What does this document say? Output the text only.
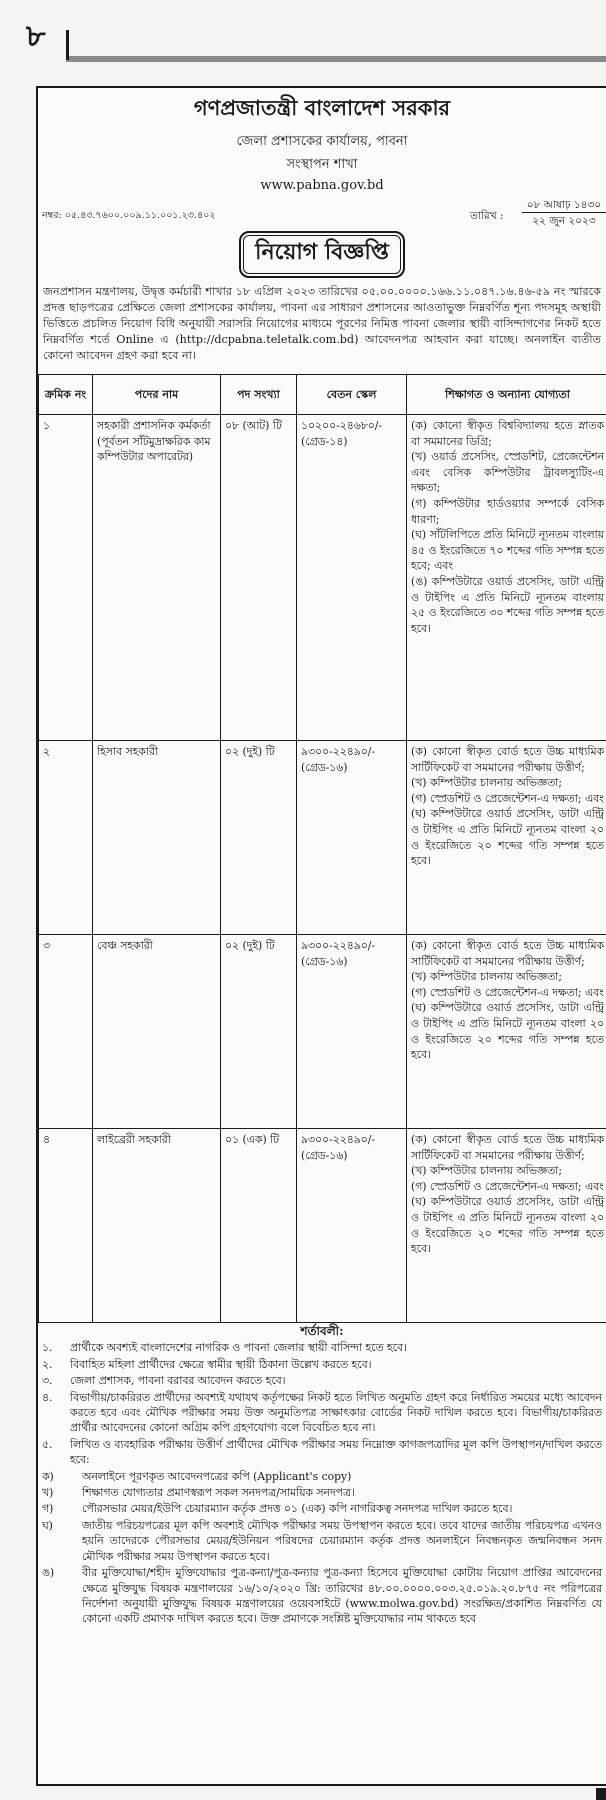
৮
গণপ্রজাতন্ত্রী বাংলাদেশ সরকার
জেলা প্রশাসকের কার্যালয়, পাবনা
সংস্থাপন শাখা
www.pabna.gov.bd
নম্বর: ০৫.৪৩.৭৬০০.০০৯.১১.০০১.২৩.৪০২	তারিখ :
০৮ আষাঢ় ১৪৩০
২২ জুন ২০২৩
নিয়োগ বিজ্ঞপ্তি

জনপ্রশাসন মন্ত্রণালয়, উদ্বৃত্ত কর্মচারী শাখার ১৮ এপ্রিল ২০২৩ তারিখের ০৫.০০.০০০০.১৬৬.১১.০৪৭.১৬.৪৬-৫৯ নং স্মারকে প্রদত্ত ছাড়পত্রের প্রেক্ষিতে জেলা প্রশাসকের কার্যালয়, পাবনা এর সাধারণ প্রশাসনের আওতাভুক্ত নিম্নবর্ণিত শূন্য পদসমূহ অস্থায়ী ভিত্তিতে প্রচলিত নিয়োগ বিধি অনুযায়ী সরাসরি নিয়োগের মাধ্যমে পূরণের নিমিত্ত পাবনা জেলার স্থায়ী বাসিন্দাগণের নিকট হতে নিম্নবর্ণিত শর্তে Online এ (http://dcpabna.teletalk.com.bd) আবেদনপত্র আহবান করা যাচ্ছে। অনলাইন ব্যতীত কোনো আবেদন গ্রহণ করা হবে না।

ক্রমিক নং	পদের নাম	পদ সংখ্যা	বেতন স্কেল	শিক্ষাগত ও অন্যান্য যোগ্যতা
১	সহকারী প্রশাসনিক কর্মকর্তা (পূর্বতন সাঁটমুদ্রাক্ষরিক কাম কম্পিউটার অপারেটর)	০৮ (আট) টি	১০২০০-২৪৬৮০/- (গ্রেড-১৪)	(ক) কোনো স্বীকৃত বিশ্ববিদ্যালয় হতে স্নাতক বা সমমানের ডিগ্রি;

(খ) ওয়ার্ড প্রসেসিং, স্প্রেডশিট, প্রেজেন্টেশন এবং বেসিক কম্পিউটার ট্রাবলস্যুটিং-এ দক্ষতা;

(গ) কম্পিউটার হার্ডওয়্যার সম্পর্কে বেসিক ধারণা;

(ঘ) সাঁটলিপিতে প্রতি মিনিটে ন্যূনতম বাংলায় ৪৫ ও ইংরেজিতে ৭০ শব্দের গতি সম্পন্ন হতে হবে; এবং

(ঙ) কম্পিউটারে ওয়ার্ড প্রসেসিং, ডাটা এন্ট্রি ও টাইপিং এ প্রতি মিনিটে ন্যূনতম বাংলায় ২৫ ও ইংরেজিতে ৩০ শব্দের গতি সম্পন্ন হতে হবে।

২	হিসাব সহকারী	০২ (দুই) টি	৯৩০০-২২৪৯০/- (গ্রেড-১৬)	(ক) কোনো স্বীকৃত বোর্ড হতে উচ্চ মাধ্যমিক সার্টিফিকেট বা সমমানের পরীক্ষায় উত্তীর্ণ;

(খ) কম্পিউটার চালনায় অভিজ্ঞতা;

(গ) স্প্রেডশিট ও প্রেজেন্টেশন-এ দক্ষতা; এবং

(ঘ) কম্পিউটারে ওয়ার্ড প্রসেসিং, ডাটা এন্ট্রি ও টাইপিং এ প্রতি মিনিটে ন্যূনতম বাংলা ২০ ও ইংরেজিতে ২০ শব্দের গতি সম্পন্ন হতে হবে।

৩	বেঞ্চ সহকারী	০২ (দুই) টি	৯৩০০-২২৪৯০/- (গ্রেড-১৬)	(ক) কোনো স্বীকৃত বোর্ড হতে উচ্চ মাধ্যমিক সার্টিফিকেট বা সমমানের পরীক্ষায় উত্তীর্ণ;

(খ) কম্পিউটার চালনায় অভিজ্ঞতা;

(গ) স্প্রেডশিট ও প্রেজেন্টেশন-এ দক্ষতা; এবং

(ঘ) কম্পিউটারে ওয়ার্ড প্রসেসিং, ডাটা এন্ট্রি ও টাইপিং এ প্রতি মিনিটে ন্যূনতম বাংলা ২০ ও ইংরেজিতে ২০ শব্দের গতি সম্পন্ন হতে হবে।

৪	লাইব্রেরী সহকারী	০১ (এক) টি	৯৩০০-২২৪৯০/- (গ্রেড-১৬)	(ক) কোনো স্বীকৃত বোর্ড হতে উচ্চ মাধ্যমিক সার্টিফিকেট বা সমমানের পরীক্ষায় উত্তীর্ণ;

(খ) কম্পিউটার চালনায় অভিজ্ঞতা;

(গ) স্প্রেডশিট ও প্রেজেন্টেশন-এ দক্ষতা; এবং

(ঘ) কম্পিউটারে ওয়ার্ড প্রসেসিং, ডাটা এন্ট্রি ও টাইপিং এ প্রতি মিনিটে ন্যূনতম বাংলা ২০ ও ইংরেজিতে ২০ শব্দের গতি সম্পন্ন হতে হবে।

শর্তাবলী:
১.	প্রার্থীকে অবশ্যই বাংলাদেশের নাগরিক ও পাবনা জেলার স্থায়ী বাসিন্দা হতে হবে।
২.	বিবাহিত মহিলা প্রার্থীদের ক্ষেত্রে স্বামীর স্থায়ী ঠিকানা উল্লেখ করতে হবে।
৩.	জেলা প্রশাসক, পাবনা বরাবর আবেদন করতে হবে।
৪.	বিভাগীয়/চাকরিরত প্রার্থীদের অবশ্যই যথাযথ কর্তৃপক্ষের নিকট হতে লিখিত অনুমতি গ্রহণ করে নির্ধারিত সময়ের মধ্যে আবেদন করতে হবে এবং মৌখিক পরীক্ষার সময় উক্ত অনুমতিপত্র সাক্ষাৎকার বোর্ডের নিকট দাখিল করতে হবে। বিভাগীয়/চাকরিরত প্রার্থীর আবেদনের কোনো অগ্রিম কপি গ্রহণযোগ্য বলে বিবেচিত হবে না।
৫.	লিখিত ও ব্যবহারিক পরীক্ষায় উত্তীর্ণ প্রার্থীদের মৌখিক পরীক্ষার সময় নিম্নোক্ত কাগজপত্রাদির মূল কপি উপস্থাপন/দাখিল করতে হবে:
ক)	অনলাইনে পূরণকৃত আবেদনপত্রের কপি (Applicant's copy)
খ)	শিক্ষাগত যোগ্যতার প্রমাণস্বরূপ সকল সনদপত্র/সাময়িক সনদপত্র।
গ)	পৌরসভার মেয়র/ইউপি চেয়ারম্যান কর্তৃক প্রদত্ত ০১ (এক) কপি নাগরিকত্ব সনদপত্র দাখিল করতে হবে।
ঘ)	জাতীয় পরিচয়পত্রের মূল কপি অবশ্যই মৌখিক পরীক্ষার সময় উপস্থাপন করতে হবে। তবে যাদের জাতীয় পরিচয়পত্র এখনও হয়নি তাদেরকে পৌরসভার মেয়র/ইউনিয়ন পরিষদের চেয়ারম্যান কর্তৃক প্রদত্ত অনলাইনে নিবন্ধনকৃত জন্মনিবন্ধন সনদ মৌখিক পরীক্ষার সময় উপস্থাপন করতে হবে।
ঙ)	বীর মুক্তিযোদ্ধা/শহীদ মুক্তিযোদ্ধার পুত্র-কন্যা/পুত্র-কন্যার পুত্র-কন্যা হিসেবে মুক্তিযোদ্ধা কোটায় নিয়োগ প্রাপ্তির আবেদনের ক্ষেত্রে মুক্তিযুদ্ধ বিষয়ক মন্ত্রণালয়ের ১৬/১০/২০২০ খ্রি: তারিখের ৪৮.০০.০০০০.০০৩.২৫.০১৯.২০.৮৭৫ নং পরিপত্রের নির্দেশনা অনুযায়ী মুক্তিযুদ্ধ বিষয়ক মন্ত্রণালয়ের ওয়েবসাইটে (www.molwa.gov.bd) সংরক্ষিত/প্রকাশিত নিম্নবর্ণিত যে কোনো একটি প্রমাণক দাখিল করতে হবে। উক্ত প্রমাণকে সংশ্লিষ্ট মুক্তিযোদ্ধার নাম থাকতে হবে
